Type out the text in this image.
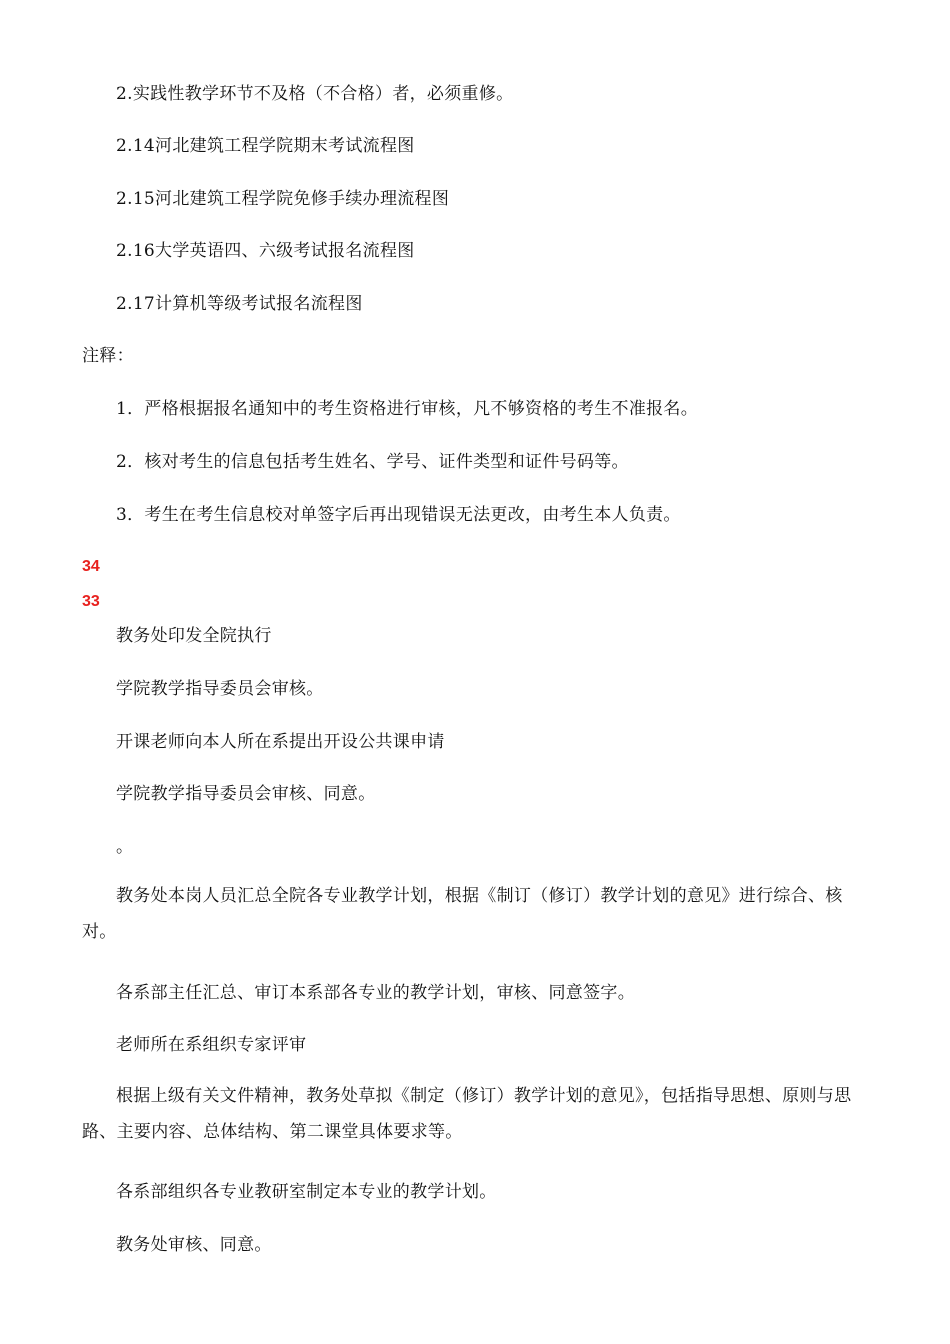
2.实践性教学环节不及格（不合格）者，必须重修。
2.14河北建筑工程学院期末考试流程图
2.15河北建筑工程学院免修手续办理流程图
2.16大学英语四、六级考试报名流程图
2.17计算机等级考试报名流程图
注释：
1．严格根据报名通知中的考生资格进行审核，凡不够资格的考生不准报名。
2．核对考生的信息包括考生姓名、学号、证件类型和证件号码等。
3．考生在考生信息校对单签字后再出现错误无法更改，由考生本人负责。
34
33
教务处印发全院执行
学院教学指导委员会审核。
开课老师向本人所在系提出开设公共课申请
学院教学指导委员会审核、同意。
。
教务处本岗人员汇总全院各专业教学计划，根据《制订（修订）教学计划的意见》进行综合、核对。
各系部主任汇总、审订本系部各专业的教学计划，审核、同意签字。
老师所在系组织专家评审
根据上级有关文件精神，教务处草拟《制定（修订）教学计划的意见》，包括指导思想、原则与思路、主要内容、总体结构、第二课堂具体要求等。
各系部组织各专业教研室制定本专业的教学计划。
教务处审核、同意。
